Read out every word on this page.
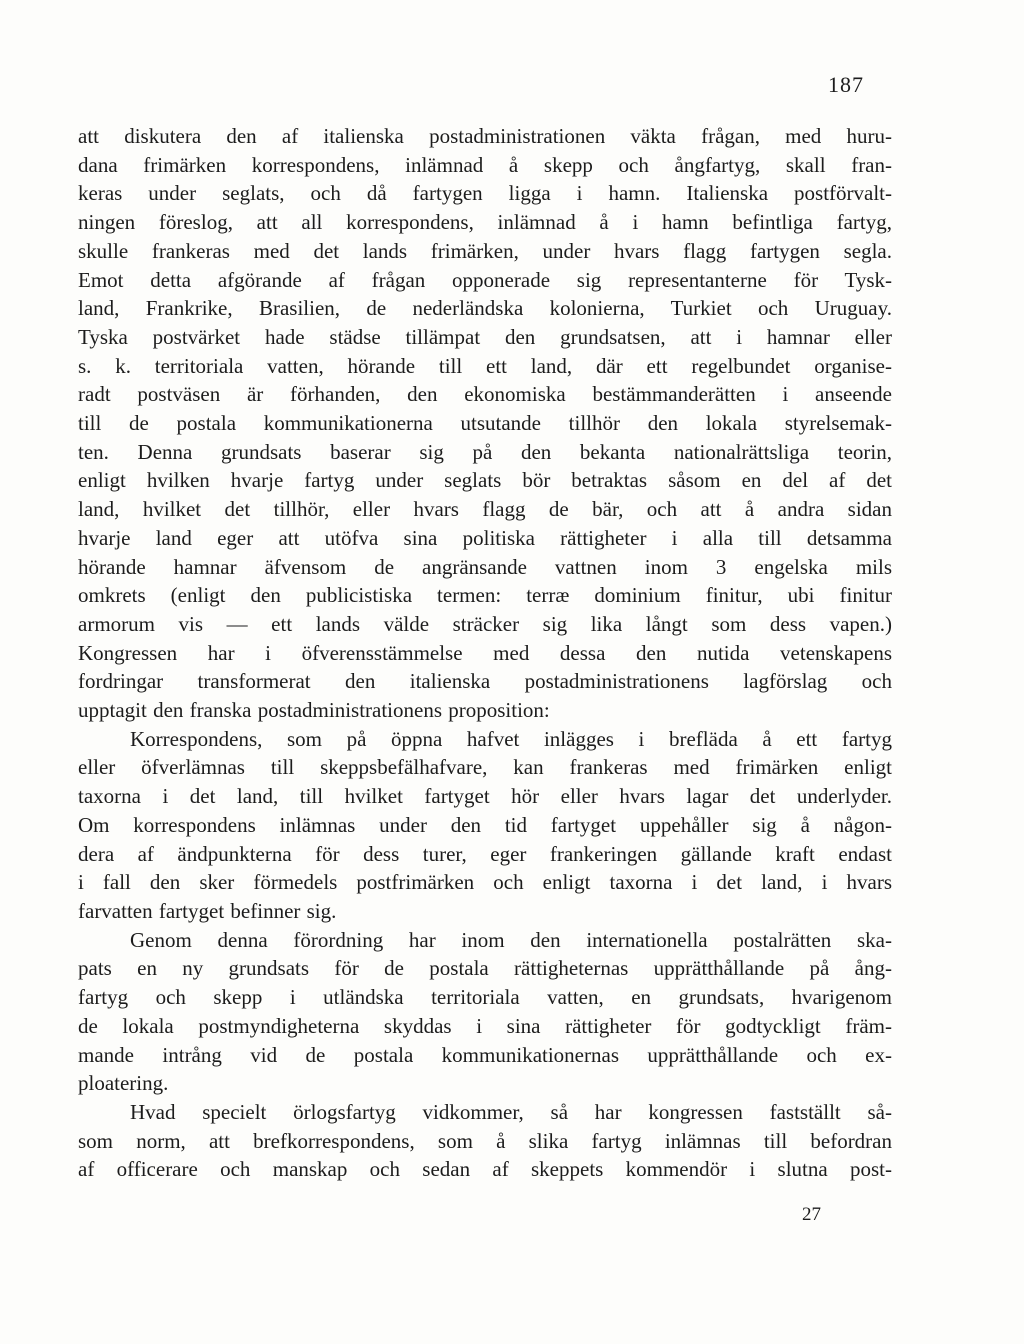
187
att diskutera den af italienska postadministrationen väkta frågan, med huru-
dana frimärken korrespondens, inlämnad å skepp och ångfartyg, skall fran-
keras under seglats, och då fartygen ligga i hamn. Italienska postförvalt-
ningen föreslog, att all korrespondens, inlämnad å i hamn befintliga fartyg,
skulle frankeras med det lands frimärken, under hvars flagg fartygen segla.
Emot detta afgörande af frågan opponerade sig representanterne för Tysk-
land, Frankrike, Brasilien, de nederländska kolonierna, Turkiet och Uruguay.
Tyska postvärket hade städse tillämpat den grundsatsen, att i hamnar eller
s. k. territoriala vatten, hörande till ett land, där ett regelbundet organise-
radt postväsen är förhanden, den ekonomiska bestämmanderätten i anseende
till de postala kommunikationerna utsutande tillhör den lokala styrelsemak-
ten. Denna grundsats baserar sig på den bekanta nationalrättsliga teorin,
enligt hvilken hvarje fartyg under seglats bör betraktas såsom en del af det
land, hvilket det tillhör, eller hvars flagg de bär, och att å andra sidan
hvarje land eger att utöfva sina politiska rättigheter i alla till detsamma
hörande hamnar äfvensom de angränsande vattnen inom 3 engelska mils
omkrets (enligt den publicistiska termen: terræ dominium finitur, ubi finitur
armorum vis — ett lands välde sträcker sig lika långt som dess vapen.)
Kongressen har i öfverensstämmelse med dessa den nutida vetenskapens
fordringar transformerat den italienska postadministrationens lagförslag och
upptagit den franska postadministrationens proposition:
Korrespondens, som på öppna hafvet inlägges i brefläda å ett fartyg
eller öfverlämnas till skeppsbefälhafvare, kan frankeras med frimärken enligt
taxorna i det land, till hvilket fartyget hör eller hvars lagar det underlyder.
Om korrespondens inlämnas under den tid fartyget uppehåller sig å någon-
dera af ändpunkterna för dess turer, eger frankeringen gällande kraft endast
i fall den sker förmedels postfrimärken och enligt taxorna i det land, i hvars
farvatten fartyget befinner sig.
Genom denna förordning har inom den internationella postalrätten ska-
pats en ny grundsats för de postala rättigheternas upprätthållande på ång-
fartyg och skepp i utländska territoriala vatten, en grundsats, hvarigenom
de lokala postmyndigheterna skyddas i sina rättigheter för godtyckligt främ-
mande intrång vid de postala kommunikationernas upprätthållande och ex-
ploatering.
Hvad specielt örlogsfartyg vidkommer, så har kongressen fastställt så-
som norm, att brefkorrespondens, som å slika fartyg inlämnas till befordran
af officerare och manskap och sedan af skeppets kommendör i slutna post-
27
